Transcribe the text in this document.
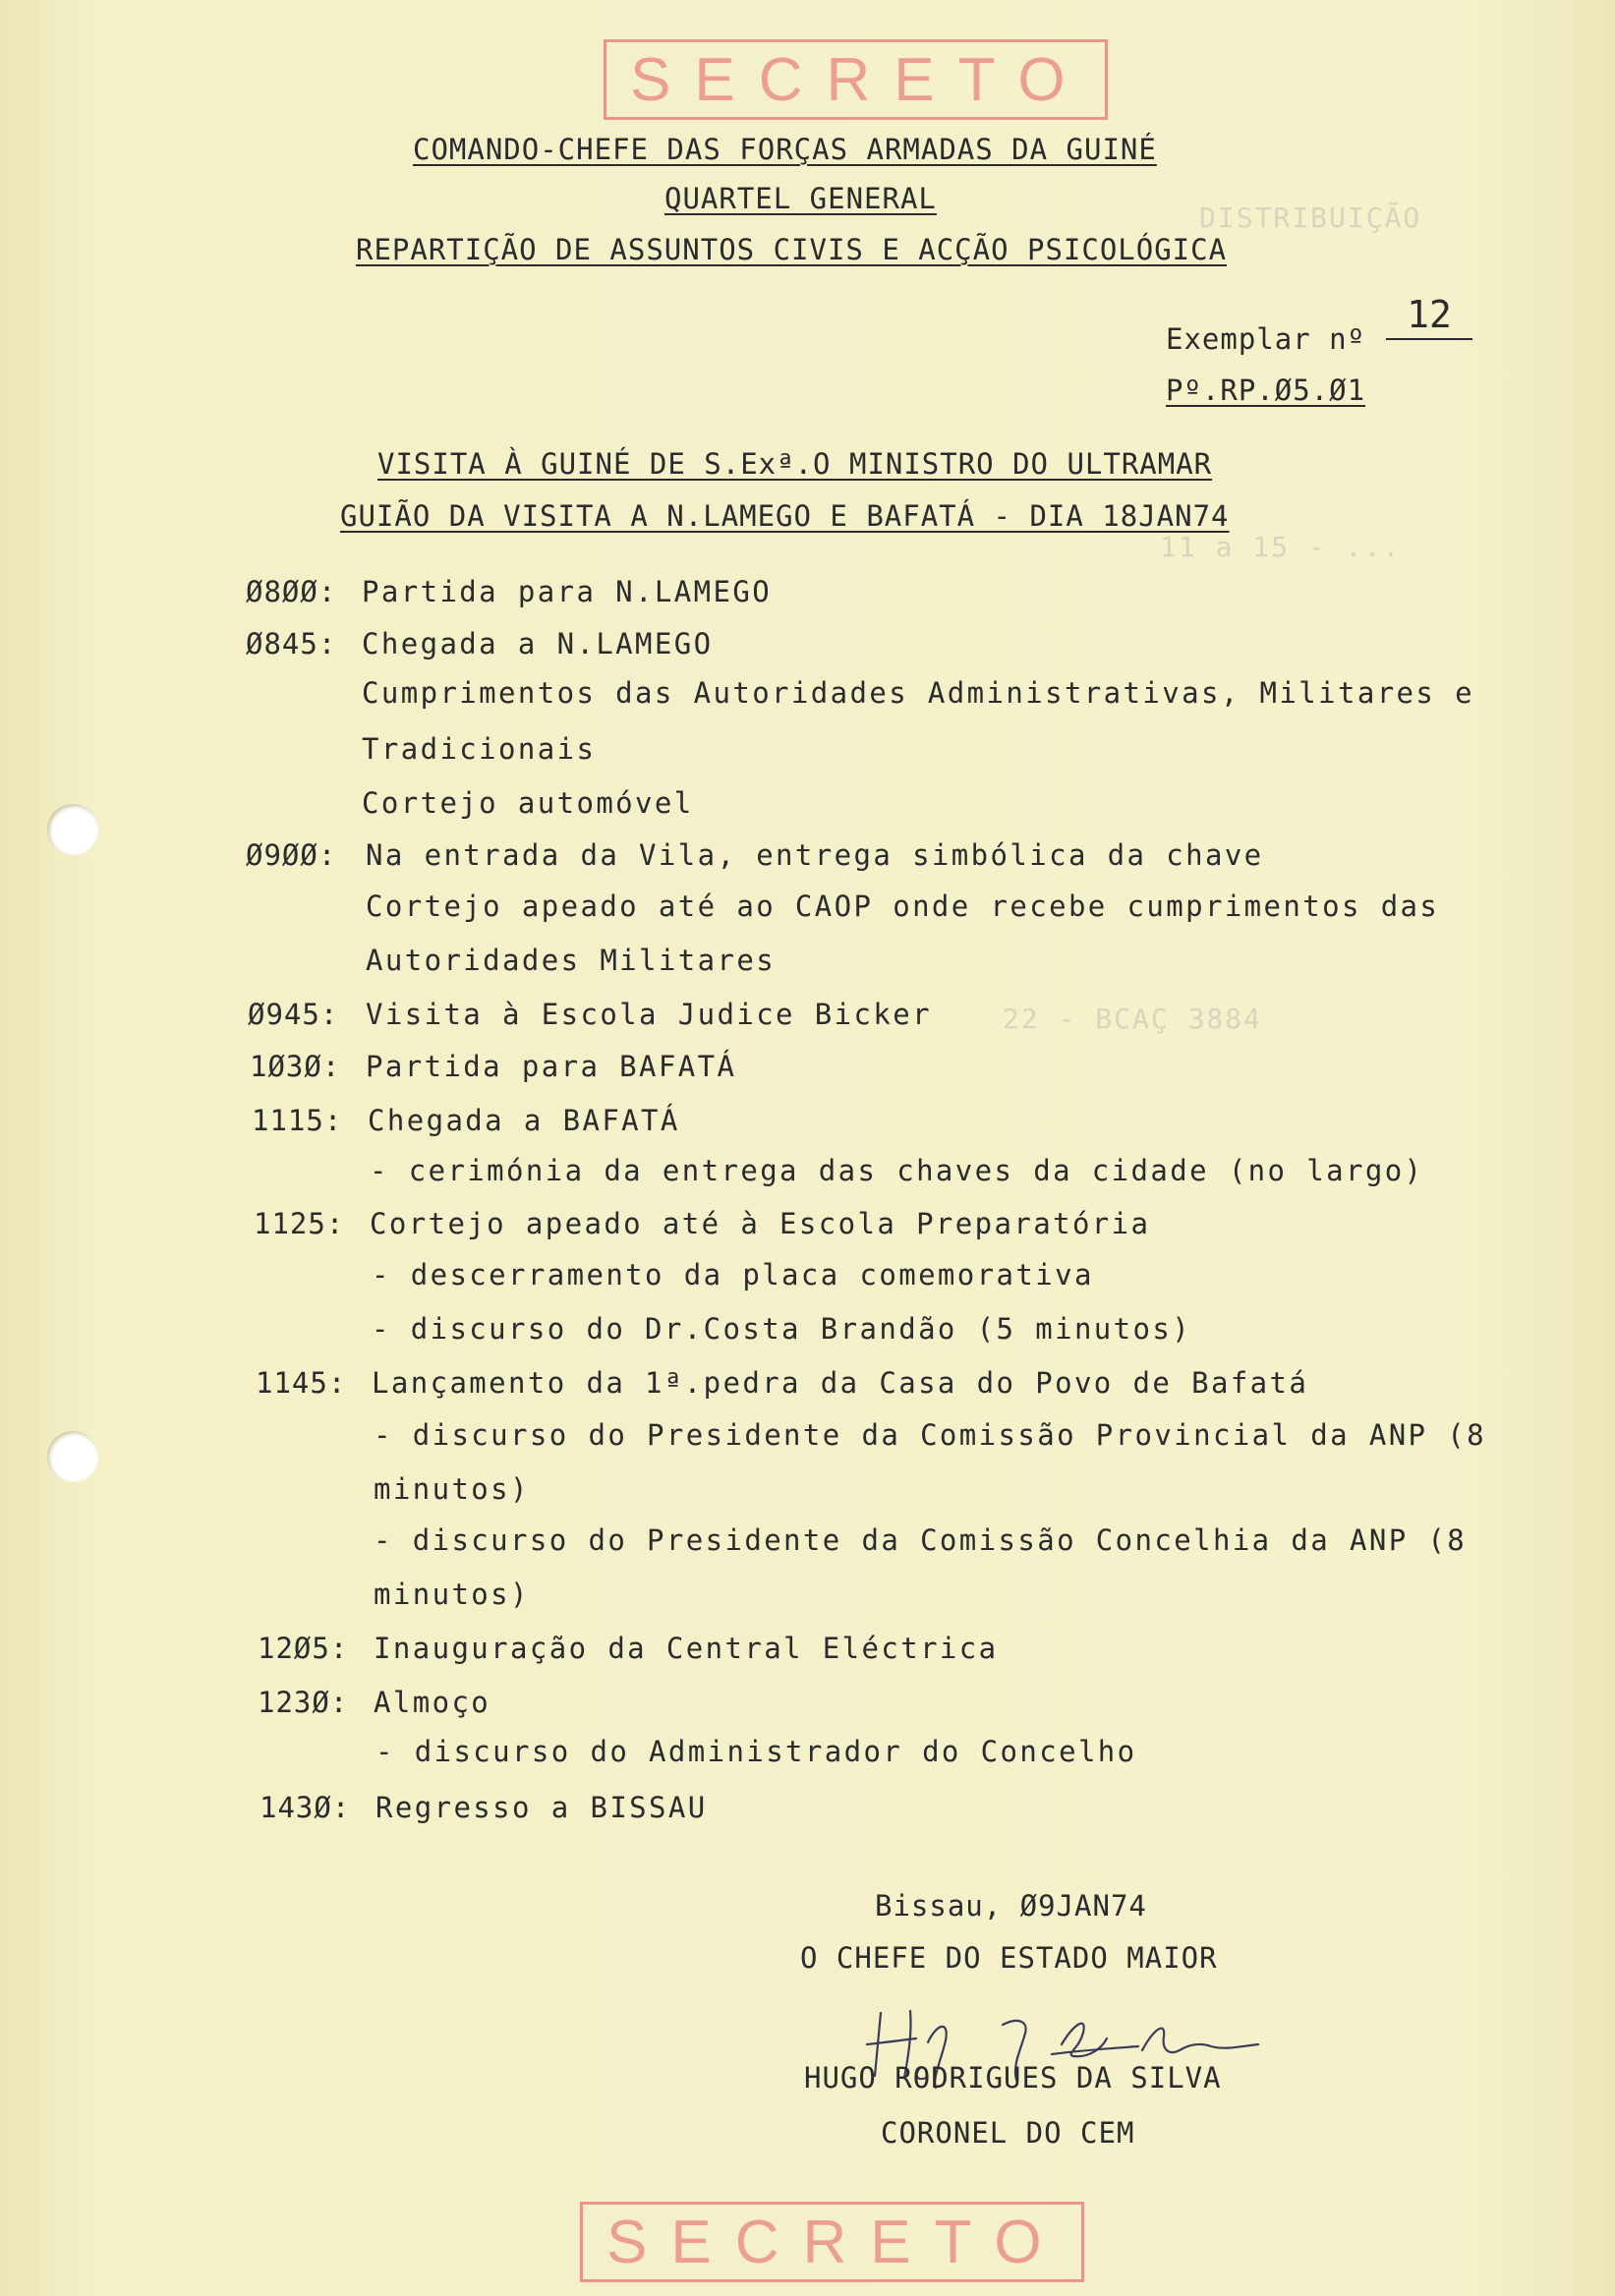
DISTRIBUIÇÃO
11 a 15 - ...
22 - BCAÇ 3884
SECRETO
COMANDO-CHEFE DAS FORÇAS ARMADAS DA GUINÉ
QUARTEL GENERAL
REPARTIÇÃO DE ASSUNTOS CIVIS E ACÇÃO PSICOLÓGICA
Exemplar nº
12
Pº.RP.Ø5.Ø1
VISITA À GUINÉ DE S.Exª.O MINISTRO DO ULTRAMAR
GUIÃO DA VISITA A N.LAMEGO E BAFATÁ - DIA 18JAN74
Ø8ØØ: Partida para N.LAMEGO
Ø845: Chegada a N.LAMEGO
Cumprimentos das Autoridades Administrativas, Militares e
Tradicionais
Cortejo automóvel
Ø9ØØ: Na entrada da Vila, entrega simbólica da chave
Cortejo apeado até ao CAOP onde recebe cumprimentos das
Autoridades Militares
Ø945: Visita à Escola Judice Bicker
1Ø3Ø: Partida para BAFATÁ
1115: Chegada a BAFATÁ
- cerimónia da entrega das chaves da cidade (no largo)
1125: Cortejo apeado até à Escola Preparatória
- descerramento da placa comemorativa
- discurso do Dr.Costa Brandão (5 minutos)
1145: Lançamento da 1ª.pedra da Casa do Povo de Bafatá
- discurso do Presidente da Comissão Provincial da ANP (8
minutos)
- discurso do Presidente da Comissão Concelhia da ANP (8
minutos)
12Ø5: Inauguração da Central Eléctrica
123Ø: Almoço
- discurso do Administrador do Concelho
143Ø: Regresso a BISSAU
Bissau, Ø9JAN74
O CHEFE DO ESTADO MAIOR
HUGO RODRIGUES DA SILVA
CORONEL DO CEM
SECRETO
